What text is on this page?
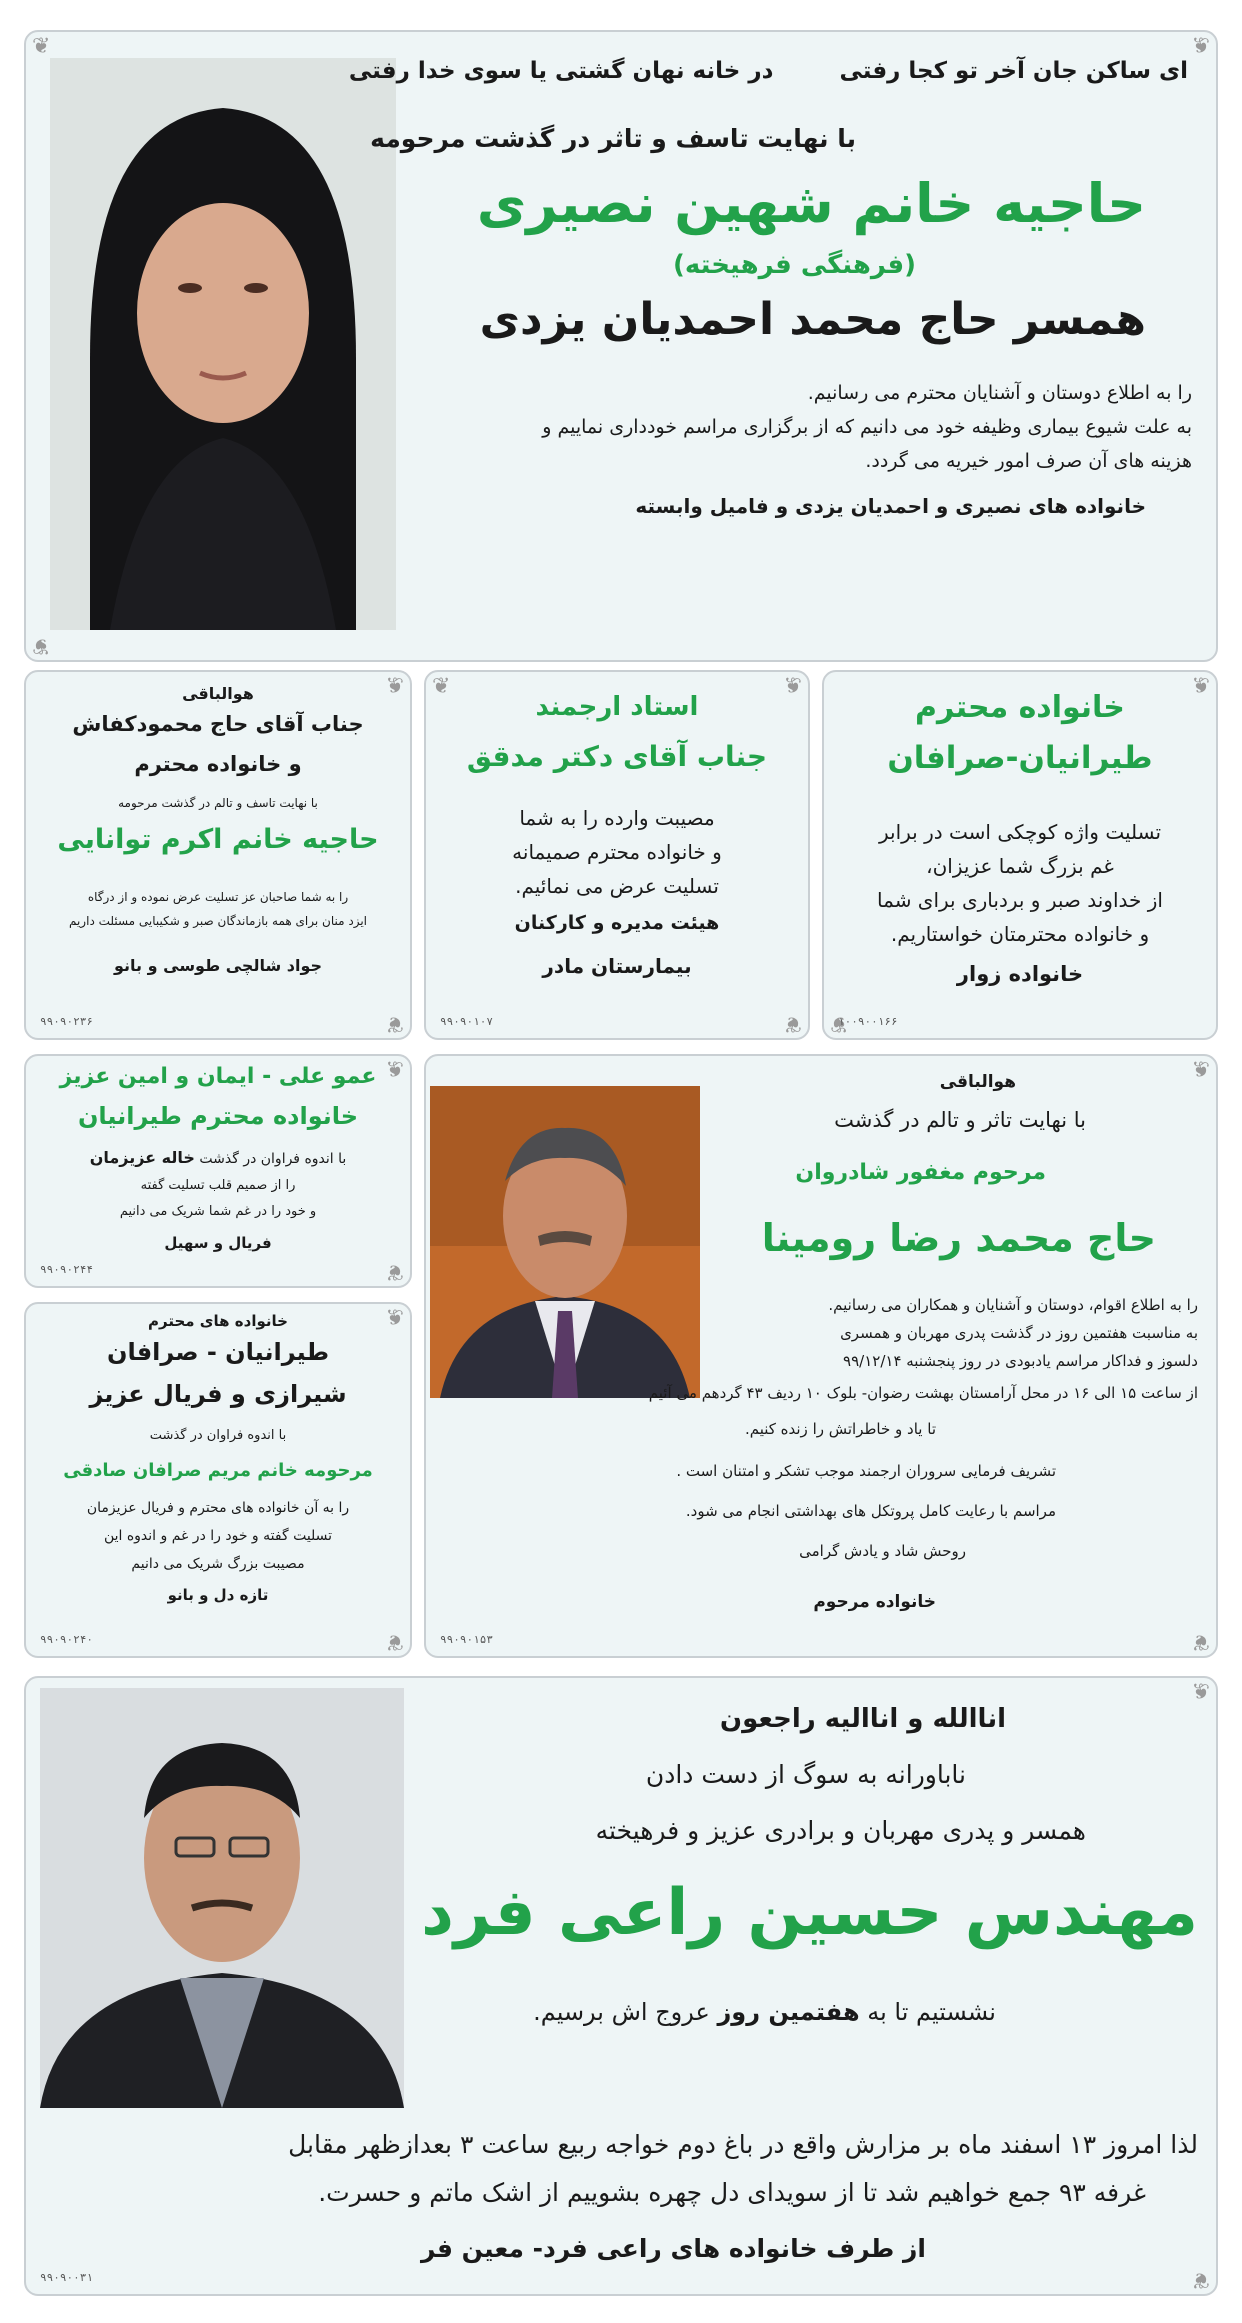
❦	❦
❦
ای ساکن جان آخر تو کجا رفتی  در خانه نهان گشتی یا سوی خدا رفتی
با نهایت تاسف و تاثر در گذشت مرحومه
حاجیه خانم شهین نصیری
(فرهنگی فرهیخته)
همسر حاج محمد احمدیان یزدی
را به اطلاع دوستان و آشنایان محترم می رسانیم.
به علت شیوع بیماری وظیفه خود می دانیم که از برگزاری مراسم خودداری نماییم و
هزینه های آن صرف امور خیریه می گردد.
خانواده های نصیری و احمدیان یزدی و فامیل وابسته
❦
❦
خانواده محترم
طیرانیان-صرافان
تسلیت واژه کوچکی است در برابر
غم بزرگ شما عزیزان،
از خداوند صبر و بردباری برای شما
و خانواده محترمتان خواستاریم.
خانواده زوار
۱۰۰۹۰۰۱۶۶
❦	❦
❦
استاد ارجمند
جناب آقای دکتر مدقق
مصیبت وارده را به شما
و خانواده محترم صمیمانه
تسلیت عرض می نمائیم.
هیئت مدیره و کارکنان
بیمارستان مادر
۹۹۰۹۰۱۰۷
❦
❦
هوالباقی
جناب آقای حاج محمودکفاش
و خانواده محترم
با نهایت تاسف و تالم در گذشت مرحومه
حاجیه خانم اکرم توانایی
را به شما صاحبان عز تسلیت عرض نموده و از درگاه
ایزد منان برای همه بازماندگان صبر و شکیبایی مسئلت داریم
جواد شالچی طوسی و بانو
۹۹۰۹۰۲۳۶
❦
❦
عمو علی - ایمان و امین عزیز
خانواده محترم طیرانیان
با اندوه فراوان در گذشت خاله عزیزمان
را از صمیم قلب تسلیت گفته
و خود را در غم شما شریک می دانیم
فریال و سهیل
۹۹۰۹۰۲۴۴
❦
❦
خانواده های محترم
طیرانیان - صرافان
شیرازی و فریال عزیز
با اندوه فراوان در گذشت
مرحومه خانم مریم صرافان صادقی
را به آن خانواده های محترم و فریال عزیزمان
تسلیت گفته و خود را در غم و اندوه این
مصیبت بزرگ شریک می دانیم
تازه دل و بانو
۹۹۰۹۰۲۴۰
❦
❦
هوالباقی
با نهایت تاثر و تالم در گذشت
مرحوم مغفور شادروان
حاج محمد رضا رومینا
را به اطلاع اقوام، دوستان و آشنایان و همکاران می رسانیم.
به مناسبت هفتمین روز در گذشت پدری مهربان و همسری
دلسوز و فداکار مراسم یادبودی در روز پنجشنبه ۹۹/۱۲/۱۴
از ساعت ۱۵ الی ۱۶ در محل آرامستان بهشت رضوان- بلوک ۱۰ ردیف ۴۳ گردهم می آئیم
تا یاد و خاطراتش را زنده کنیم.
تشریف فرمایی سروران ارجمند موجب تشکر و امتنان است .
مراسم با رعایت کامل پروتکل های بهداشتی انجام می شود.
روحش شاد و یادش گرامی
خانواده مرحوم
۹۹۰۹۰۱۵۳
❦
❦
اناالله و اناالیه راجعون
ناباورانه به سوگ از دست دادن
همسر و پدری مهربان و برادری عزیز و فرهیخته
مهندس حسین راعی فرد
نشستیم تا به هفتمین روز عروج اش برسیم.
لذا امروز ۱۳ اسفند ماه بر مزارش واقع در باغ دوم خواجه ربیع ساعت ۳ بعدازظهر مقابل
غرفه ۹۳ جمع خواهیم شد تا از سویدای دل چهره بشوییم از اشک ماتم و حسرت.
از طرف خانواده های راعی فرد- معین فر
۹۹۰۹۰۰۳۱
